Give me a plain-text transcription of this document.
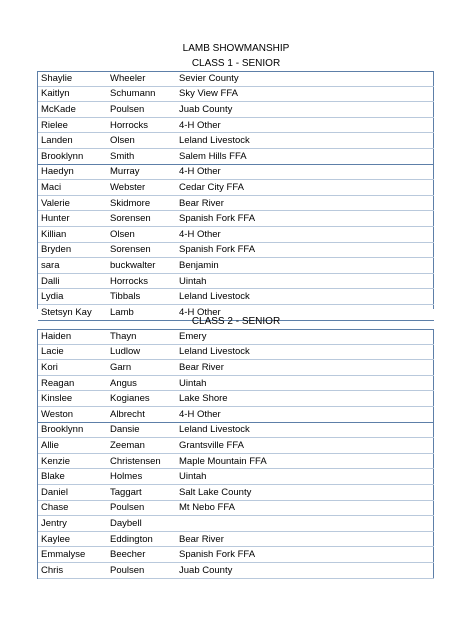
LAMB SHOWMANSHIP
CLASS 1 - SENIOR
Shaylie	Wheeler	Sevier County
Kaitlyn	Schumann	Sky View FFA
McKade	Poulsen	Juab County
Rielee	Horrocks	4-H Other
Landen	Olsen	Leland Livestock
Brooklynn	Smith	Salem Hills FFA
Haedyn	Murray	4-H Other
Maci	Webster	Cedar City FFA
Valerie	Skidmore	Bear River
Hunter	Sorensen	Spanish Fork FFA
Killian	Olsen	4-H Other
Bryden	Sorensen	Spanish Fork FFA
sara	buckwalter	Benjamin
Dalli	Horrocks	Uintah
Lydia	Tibbals	Leland Livestock
Stetsyn Kay	Lamb	4-H Other
CLASS 2 - SENIOR
Haiden	Thayn	Emery
Lacie	Ludlow	Leland Livestock
Kori	Garn	Bear River
Reagan	Angus	Uintah
Kinslee	Kogianes	Lake Shore
Weston	Albrecht	4-H Other
Brooklynn	Dansie	Leland Livestock
Allie	Zeeman	Grantsville FFA
Kenzie	Christensen	Maple Mountain FFA
Blake	Holmes	Uintah
Daniel	Taggart	Salt Lake County
Chase	Poulsen	Mt Nebo FFA
Jentry	Daybell	
Kaylee	Eddington	Bear River
Emmalyse	Beecher	Spanish Fork FFA
Chris	Poulsen	Juab County
